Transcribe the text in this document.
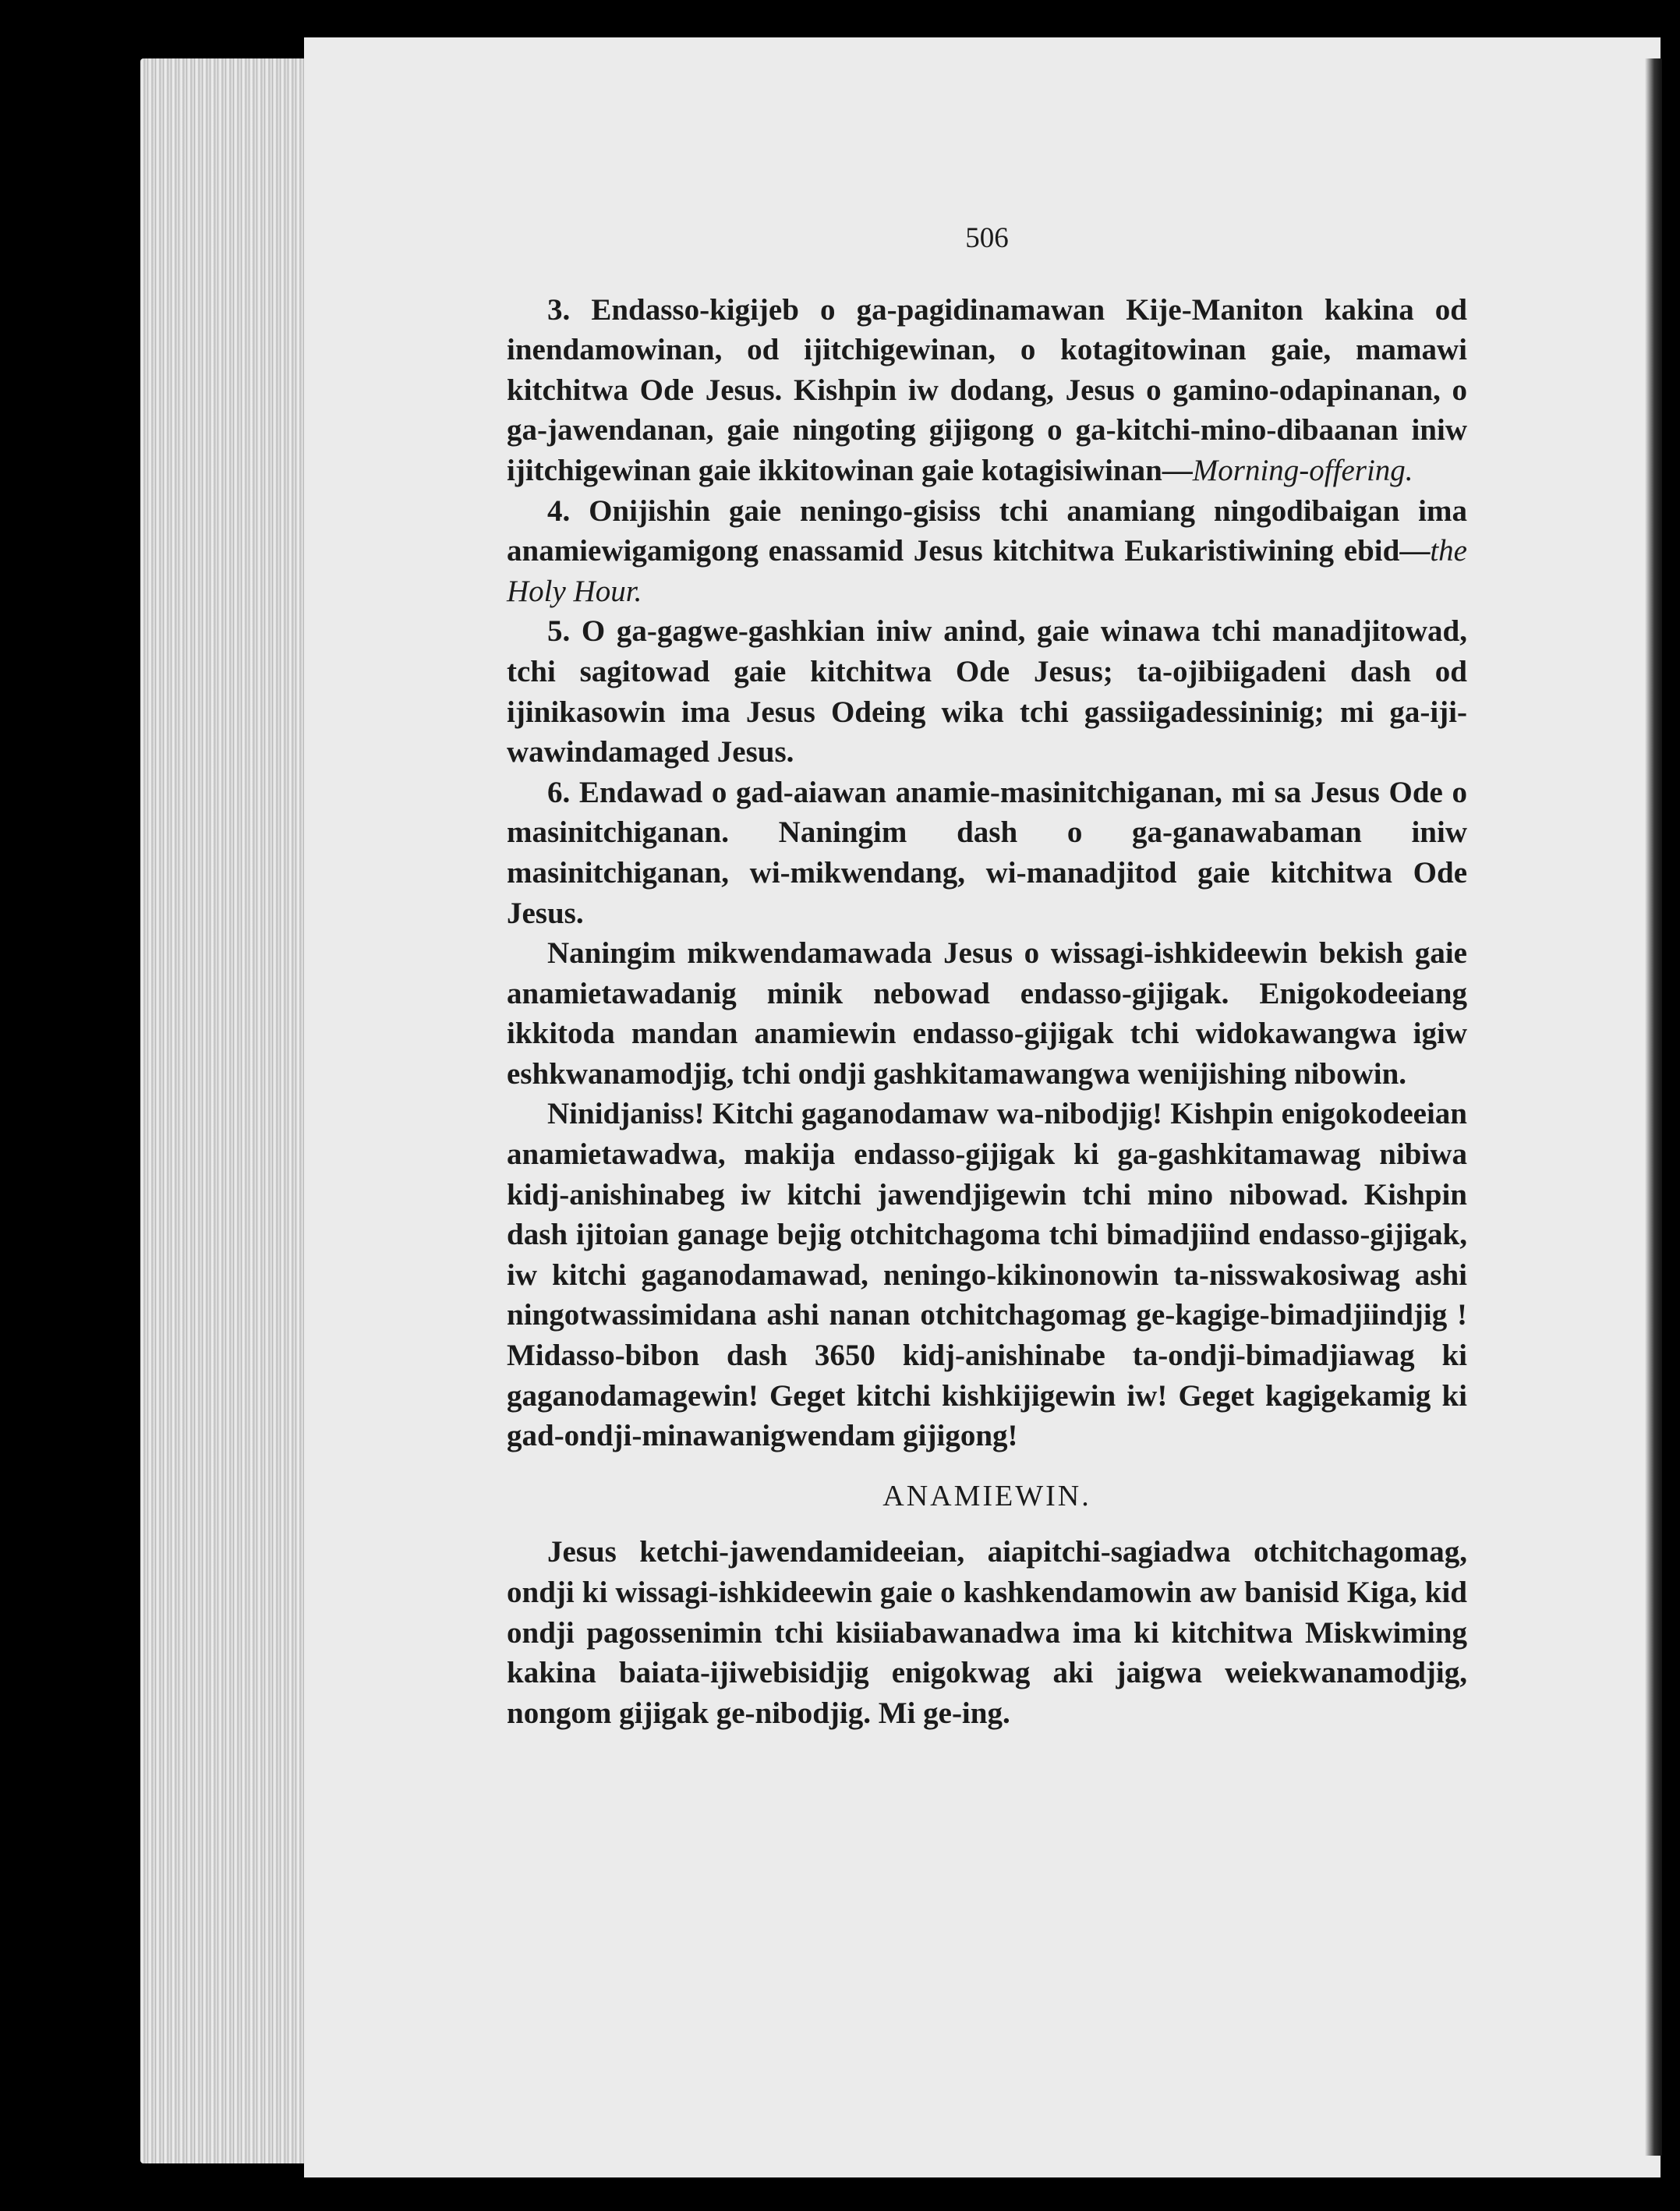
506

3. Endasso-kigijeb o ga-pagidinamawan Kije-Maniton kakina od inendamowinan, od ijitchigewinan, o kotagitowinan gaie, mamawi kitchitwa Ode Jesus. Kishpin iw dodang, Jesus o gamino-odapinanan, o ga-jawendanan, gaie ningoting gijigong o ga-kitchi-mino-dibaanan iniw ijitchigewinan gaie ikkitowinan gaie kotagisiwinan—Morning-offering.

4. Onijishin gaie neningo-gisiss tchi anamiang ningodibaigan ima anamiewigamigong enassamid Jesus kitchitwa Eukaristiwining ebid—the Holy Hour.

5. O ga-gagwe-gashkian iniw anind, gaie winawa tchi manadjitowad, tchi sagitowad gaie kitchitwa Ode Jesus; ta-ojibiigadeni dash od ijinikasowin ima Jesus Odeing wika tchi gassiigadessininig; mi ga-iji-wawindamaged Jesus.

6. Endawad o gad-aiawan anamie-masinitchiganan, mi sa Jesus Ode o masinitchiganan. Naningim dash o ga-ganawabaman iniw masinitchiganan, wi-mikwendang, wi-manadjitod gaie kitchitwa Ode Jesus.

Naningim mikwendamawada Jesus o wissagi-ishkideewin bekish gaie anamietawadanig minik nebowad endasso-gijigak. Enigokodeeiang ikkitoda mandan anamiewin endasso-gijigak tchi widokawangwa igiw eshkwanamodjig, tchi ondji gashkitamawangwa wenijishing nibowin.

Ninidjaniss! Kitchi gaganodamaw wa-nibodjig! Kishpin enigokodeeian anamietawadwa, makija endasso-gijigak ki ga-gashkitamawag nibiwa kidj-anishinabeg iw kitchi jawendjigewin tchi mino nibowad. Kishpin dash ijitoian ganage bejig otchitchagoma tchi bimadjiind endasso-gijigak, iw kitchi gaganodamawad, neningo-kikinonowin ta-nisswakosiwag ashi ningotwassimidana ashi nanan otchitchagomag ge-kagige-bimadjiindjig ! Midasso-bibon dash 3650 kidj-anishinabe ta-ondji-bimadjiawag ki gaganodamagewin! Geget kitchi kishkijigewin iw! Geget kagigekamig ki gad-ondji-minawanigwendam gijigong!

ANAMIEWIN.

Jesus ketchi-jawendamideeian, aiapitchi-sagiadwa otchitchagomag, ondji ki wissagi-ishkideewin gaie o kashkendamowin aw banisid Kiga, kid ondji pagossenimin tchi kisiiabawanadwa ima ki kitchitwa Miskwiming kakina baiata-ijiwebisidjig enigokwag aki jaigwa weiekwanamodjig, nongom gijigak ge-nibodjig. Mi ge-ing.
